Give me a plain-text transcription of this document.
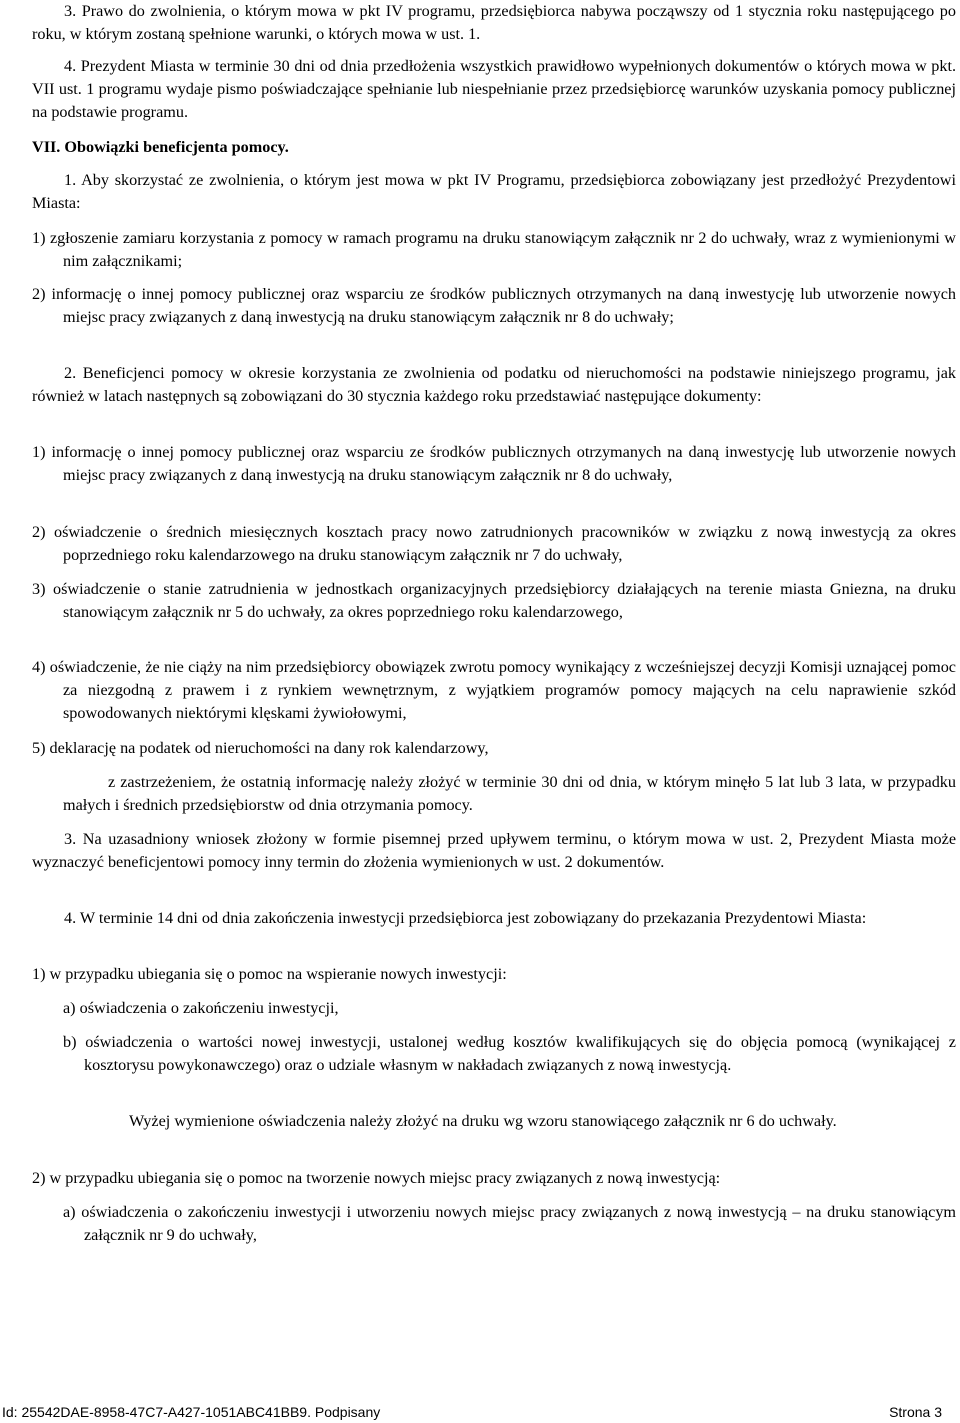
3. Prawo do zwolnienia, o którym mowa w pkt IV programu, przedsiębiorca nabywa począwszy od 1 stycznia roku następującego po roku, w którym zostaną spełnione warunki, o których mowa w ust. 1.

4. Prezydent Miasta w terminie 30 dni od dnia przedłożenia wszystkich prawidłowo wypełnionych dokumentów o których mowa w pkt. VII ust. 1 programu wydaje pismo poświadczające spełnianie lub niespełnianie przez przedsiębiorcę warunków uzyskania pomocy publicznej na podstawie programu.

VII. Obowiązki beneficjenta pomocy.

1. Aby skorzystać ze zwolnienia, o którym jest mowa w pkt IV Programu, przedsiębiorca zobowiązany jest przedłożyć Prezydentowi Miasta:

1) zgłoszenie zamiaru korzystania z pomocy w ramach programu na druku stanowiącym załącznik nr 2 do uchwały, wraz z wymienionymi w nim załącznikami;

2) informację o innej pomocy publicznej oraz wsparciu ze środków publicznych otrzymanych na daną inwestycję lub utworzenie nowych miejsc pracy związanych z daną inwestycją na druku stanowiącym załącznik nr 8 do uchwały;

2. Beneficjenci pomocy w okresie korzystania ze zwolnienia od podatku od nieruchomości na podstawie niniejszego programu, jak również w latach następnych są zobowiązani do 30 stycznia każdego roku przedstawiać następujące dokumenty:

1) informację o innej pomocy publicznej oraz wsparciu ze środków publicznych otrzymanych na daną inwestycję lub utworzenie nowych miejsc pracy związanych z daną inwestycją na druku stanowiącym załącznik nr 8 do uchwały,

2) oświadczenie o średnich miesięcznych kosztach pracy nowo zatrudnionych pracowników w związku z nową inwestycją za okres poprzedniego roku kalendarzowego na druku stanowiącym załącznik nr 7 do uchwały,

3) oświadczenie o stanie zatrudnienia w jednostkach organizacyjnych przedsiębiorcy działających na terenie miasta Gniezna, na druku stanowiącym załącznik nr 5 do uchwały, za okres poprzedniego roku kalendarzowego,

4) oświadczenie, że nie ciąży na nim przedsiębiorcy obowiązek zwrotu pomocy wynikający z wcześniejszej decyzji Komisji uznającej pomoc za niezgodną z prawem i z rynkiem wewnętrznym, z wyjątkiem programów pomocy mających na celu naprawienie szkód spowodowanych niektórymi klęskami żywiołowymi,

5) deklarację na podatek od nieruchomości na dany rok kalendarzowy,

z zastrzeżeniem, że ostatnią informację należy złożyć w terminie 30 dni od dnia, w którym minęło 5 lat lub 3 lata, w przypadku małych i średnich przedsiębiorstw od dnia otrzymania pomocy.

3. Na uzasadniony wniosek złożony w formie pisemnej przed upływem terminu, o którym mowa w ust. 2, Prezydent Miasta może wyznaczyć beneficjentowi pomocy inny termin do złożenia wymienionych w ust. 2 dokumentów.

4. W terminie 14 dni od dnia zakończenia inwestycji przedsiębiorca jest zobowiązany do przekazania Prezydentowi Miasta:

1) w przypadku ubiegania się o pomoc na wspieranie nowych inwestycji:

a) oświadczenia o zakończeniu inwestycji,

b) oświadczenia o wartości nowej inwestycji, ustalonej według kosztów kwalifikujących się do objęcia pomocą (wynikającej z kosztorysu powykonawczego) oraz o udziale własnym w nakładach związanych z nową inwestycją.

Wyżej wymienione oświadczenia należy złożyć na druku wg wzoru stanowiącego załącznik nr 6 do uchwały.

2) w przypadku ubiegania się o pomoc na tworzenie nowych miejsc pracy związanych z nową inwestycją:

a) oświadczenia o zakończeniu inwestycji i utworzeniu nowych miejsc pracy związanych z nową inwestycją – na druku stanowiącym załącznik nr 9 do uchwały,

Id: 25542DAE-8958-47C7-A427-1051ABC41BB9. Podpisany	Strona 3
